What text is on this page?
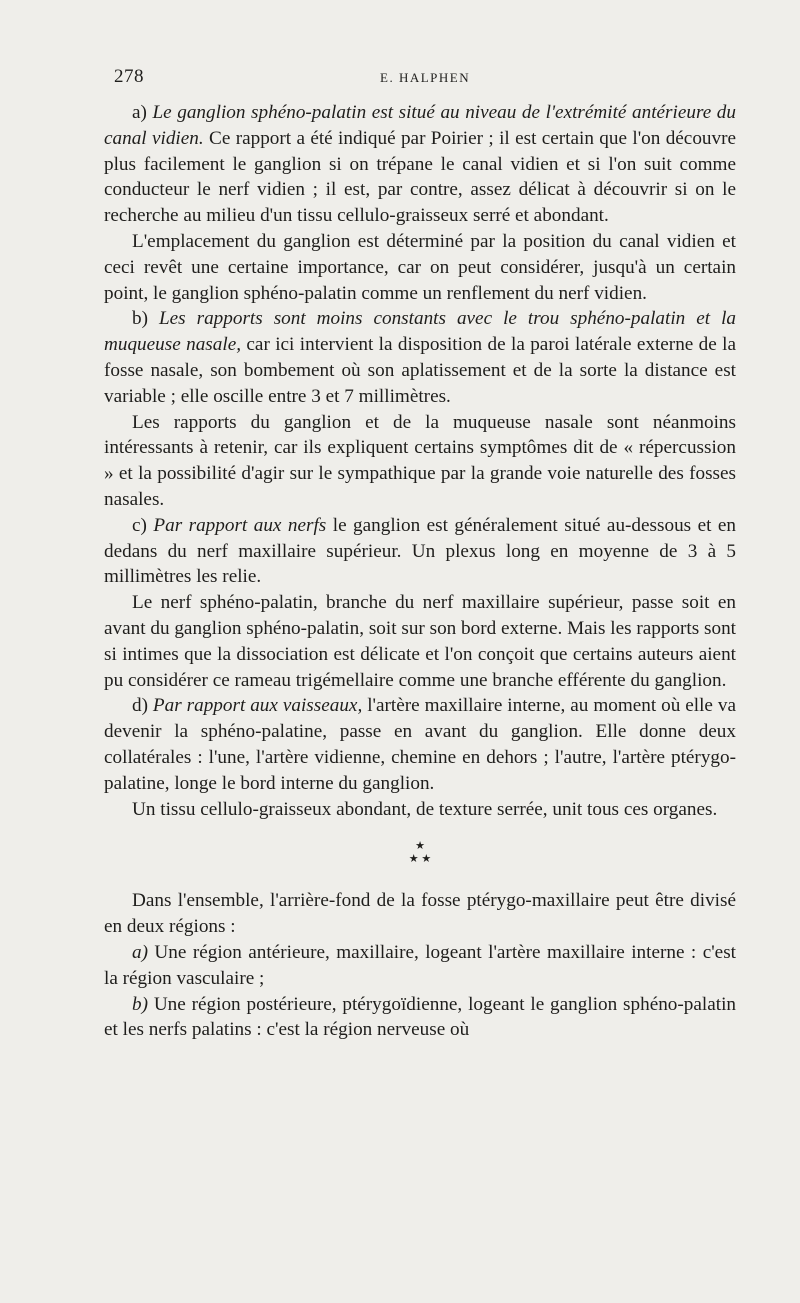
278	E. HALPHEN

a) Le ganglion sphéno-palatin est situé au niveau de l'extrémité antérieure du canal vidien. Ce rapport a été indiqué par Poirier ; il est certain que l'on découvre plus facilement le ganglion si on trépane le canal vidien et si l'on suit comme conducteur le nerf vidien ; il est, par contre, assez délicat à découvrir si on le recherche au milieu d'un tissu cellulo-graisseux serré et abondant.

L'emplacement du ganglion est déterminé par la position du canal vidien et ceci revêt une certaine importance, car on peut considérer, jusqu'à un certain point, le ganglion sphéno-palatin comme un renflement du nerf vidien.

b) Les rapports sont moins constants avec le trou sphéno-palatin et la muqueuse nasale, car ici intervient la disposition de la paroi latérale externe de la fosse nasale, son bombement où son aplatissement et de la sorte la distance est variable ; elle oscille entre 3 et 7 millimètres.

Les rapports du ganglion et de la muqueuse nasale sont néanmoins intéressants à retenir, car ils expliquent certains symptômes dit de « répercussion » et la possibilité d'agir sur le sympathique par la grande voie naturelle des fosses nasales.

c) Par rapport aux nerfs le ganglion est généralement situé au-dessous et en dedans du nerf maxillaire supérieur. Un plexus long en moyenne de 3 à 5 millimètres les relie.

Le nerf sphéno-palatin, branche du nerf maxillaire supérieur, passe soit en avant du ganglion sphéno-palatin, soit sur son bord externe. Mais les rapports sont si intimes que la dissociation est délicate et l'on conçoit que certains auteurs aient pu considérer ce rameau trigémellaire comme une branche efférente du ganglion.

d) Par rapport aux vaisseaux, l'artère maxillaire interne, au moment où elle va devenir la sphéno-palatine, passe en avant du ganglion. Elle donne deux collatérales : l'une, l'artère vidienne, chemine en dehors ; l'autre, l'artère ptérygo-palatine, longe le bord interne du ganglion.

Un tissu cellulo-graisseux abondant, de texture serrée, unit tous ces organes.

★
★ ★

Dans l'ensemble, l'arrière-fond de la fosse ptérygo-maxillaire peut être divisé en deux régions :

a) Une région antérieure, maxillaire, logeant l'artère maxillaire interne : c'est la région vasculaire ;

b) Une région postérieure, ptérygoïdienne, logeant le ganglion sphéno-palatin et les nerfs palatins : c'est la région nerveuse où
